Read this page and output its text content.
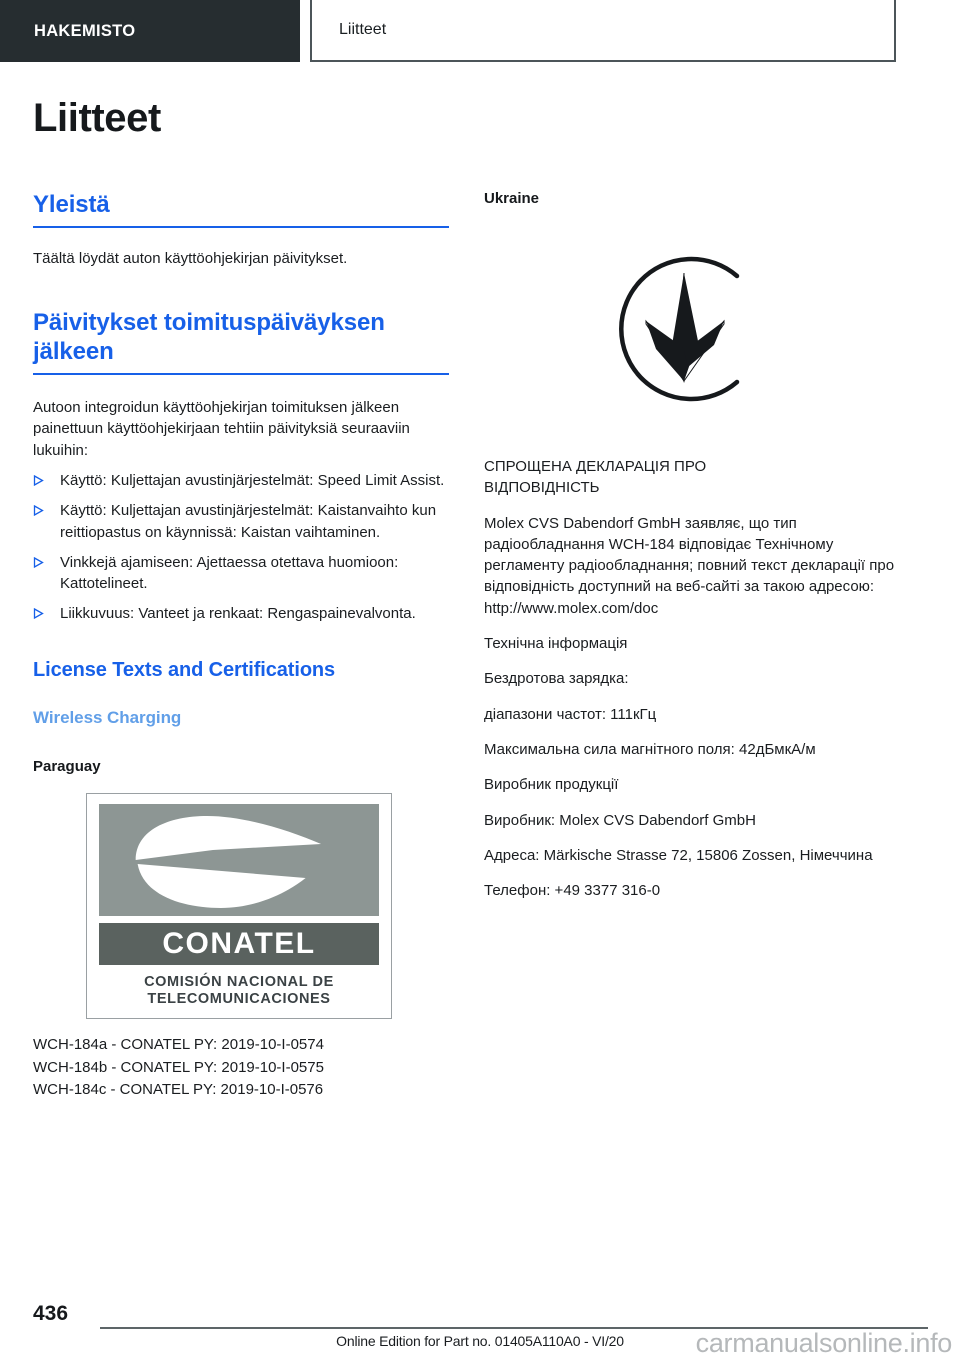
HAKEMISTO	Liitteet
Liitteet
Yleistä

Täältä löydät auton käyttöohjekirjan päivitykset.

Päivitykset toimituspäiväyksen jälkeen

Autoon integroidun käyttöohjekirjan toimituksen jälkeen painettuun käyttöohjekirjaan tehtiin päivityksiä seuraaviin lukuihin:

Käyttö: Kuljettajan avustinjärjestelmät: Speed Limit Assist.
Käyttö: Kuljettajan avustinjärjestelmät: Kaistanvaihto kun reittiopastus on käynnissä: Kaistan vaihtaminen.
Vinkkejä ajamiseen: Ajettaessa otettava huomioon: Kattotelineet.
Liikkuvuus: Vanteet ja renkaat: Rengaspainevalvonta.
License Texts and Certifications
Wireless Charging
Paraguay
CONATEL
COMISIÓN NACIONAL DE
TELECOMUNICACIONES
WCH-184a - CONATEL PY: 2019-10-I-0574
WCH-184b - CONATEL PY: 2019-10-I-0575
WCH-184c - CONATEL PY: 2019-10-I-0576
Ukraine

СПРОЩЕНА ДЕКЛАРАЦІЯ ПРО
ВІДПОВІДНІСТЬ

Molex CVS Dabendorf GmbH заявляє, що тип радіообладнання WCH-184 відповідає Технічному регламенту радіообладнання; повний текст декларації про відповідність доступний на веб-сайті за такою адресою: http://www.molex.com/doc

Технічна інформація

Бездротова зарядка:

діапазони частот: 111кГц

Максимальна сила магнітного поля: 42дБмкА/м

Виробник продукції

Виробник: Molex CVS Dabendorf GmbH

Адреса: Märkische Strasse 72, 15806 Zossen, Німеччина

Телефон: +49 3377 316-0

436
Online Edition for Part no. 01405A110A0 - VI/20	carmanualsonline.info
